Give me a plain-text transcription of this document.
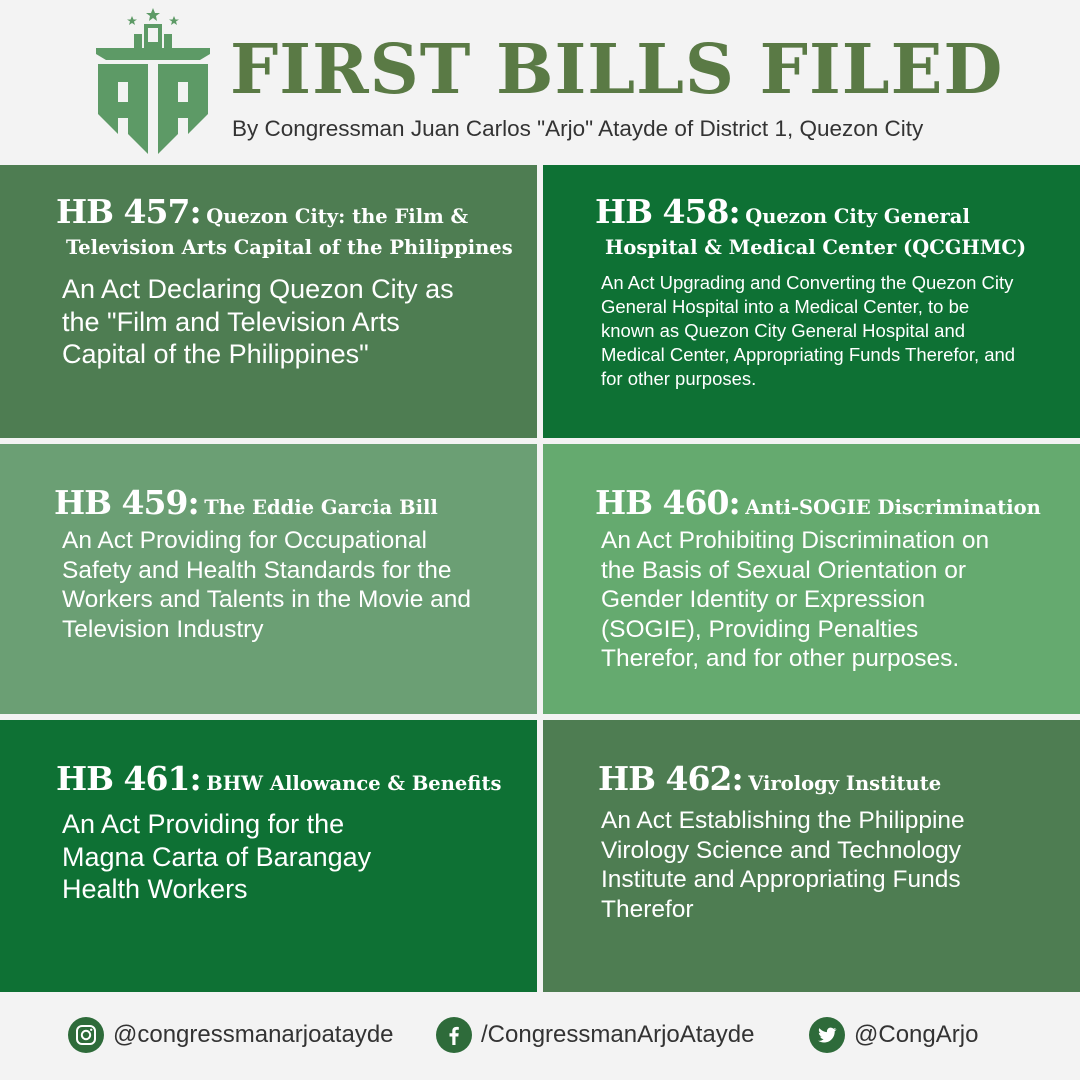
FIRST BILLS FILED
By Congressman Juan Carlos "Arjo" Atayde of District 1, Quezon City
HB 457: Quezon City: the Film &
Television Arts Capital of the Philippines
An Act Declaring Quezon City as the "Film and Television Arts Capital of the Philippines"
HB 458: Quezon City General
Hospital & Medical Center (QCGHMC)
An Act Upgrading and Converting the Quezon City General Hospital into a Medical Center, to be known as Quezon City General Hospital and Medical Center, Appropriating Funds Therefor, and for other purposes.
HB 459: The Eddie Garcia Bill
An Act Providing for Occupational Safety and Health Standards for the Workers and Talents in the Movie and Television Industry
HB 460: Anti-SOGIE Discrimination
An Act Prohibiting Discrimination on the Basis of Sexual Orientation or Gender Identity or Expression (SOGIE), Providing Penalties Therefor, and for other purposes.
HB 461: BHW Allowance & Benefits
An Act Providing for the Magna Carta of Barangay Health Workers
HB 462: Virology Institute
An Act Establishing the Philippine Virology Science and Technology Institute and Appropriating Funds Therefor
@congressmanarjoatayde	/CongressmanArjoAtayde	@CongArjo
